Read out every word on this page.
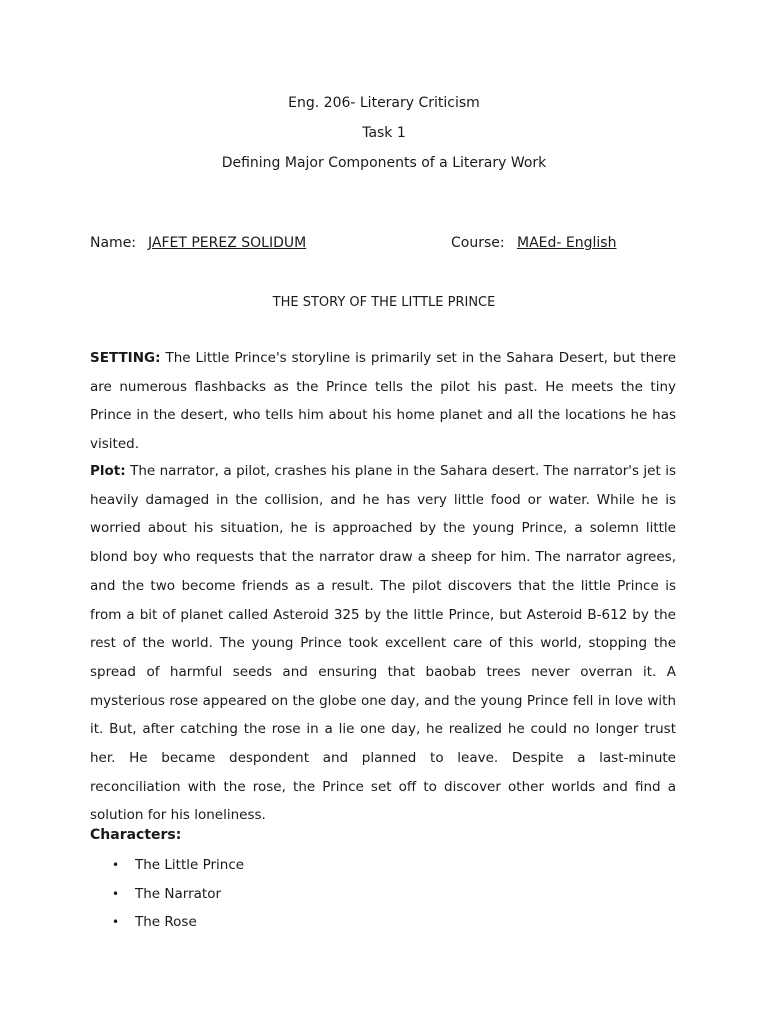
Eng. 206- Literary Criticism
Task 1
Defining Major Components of a Literary Work
Name: JAFET PEREZ SOLIDUM	Course: MAEd- English
THE STORY OF THE LITTLE PRINCE

SETTING: The Little Prince's storyline is primarily set in the Sahara Desert, but there are numerous flashbacks as the Prince tells the pilot his past. He meets the tiny Prince in the desert, who tells him about his home planet and all the locations he has visited.

Plot: The narrator, a pilot, crashes his plane in the Sahara desert. The narrator's jet is heavily damaged in the collision, and he has very little food or water. While he is worried about his situation, he is approached by the young Prince, a solemn little blond boy who requests that the narrator draw a sheep for him. The narrator agrees, and the two become friends as a result. The pilot discovers that the little Prince is from a bit of planet called Asteroid 325 by the little Prince, but Asteroid B-612 by the rest of the world. The young Prince took excellent care of this world, stopping the spread of harmful seeds and ensuring that baobab trees never overran it. A mysterious rose appeared on the globe one day, and the young Prince fell in love with it. But, after catching the rose in a lie one day, he realized he could no longer trust her. He became despondent and planned to leave. Despite a last-minute reconciliation with the rose, the Prince set off to discover other worlds and find a solution for his loneliness.

Characters:
• The Little Prince
• The Narrator
• The Rose
